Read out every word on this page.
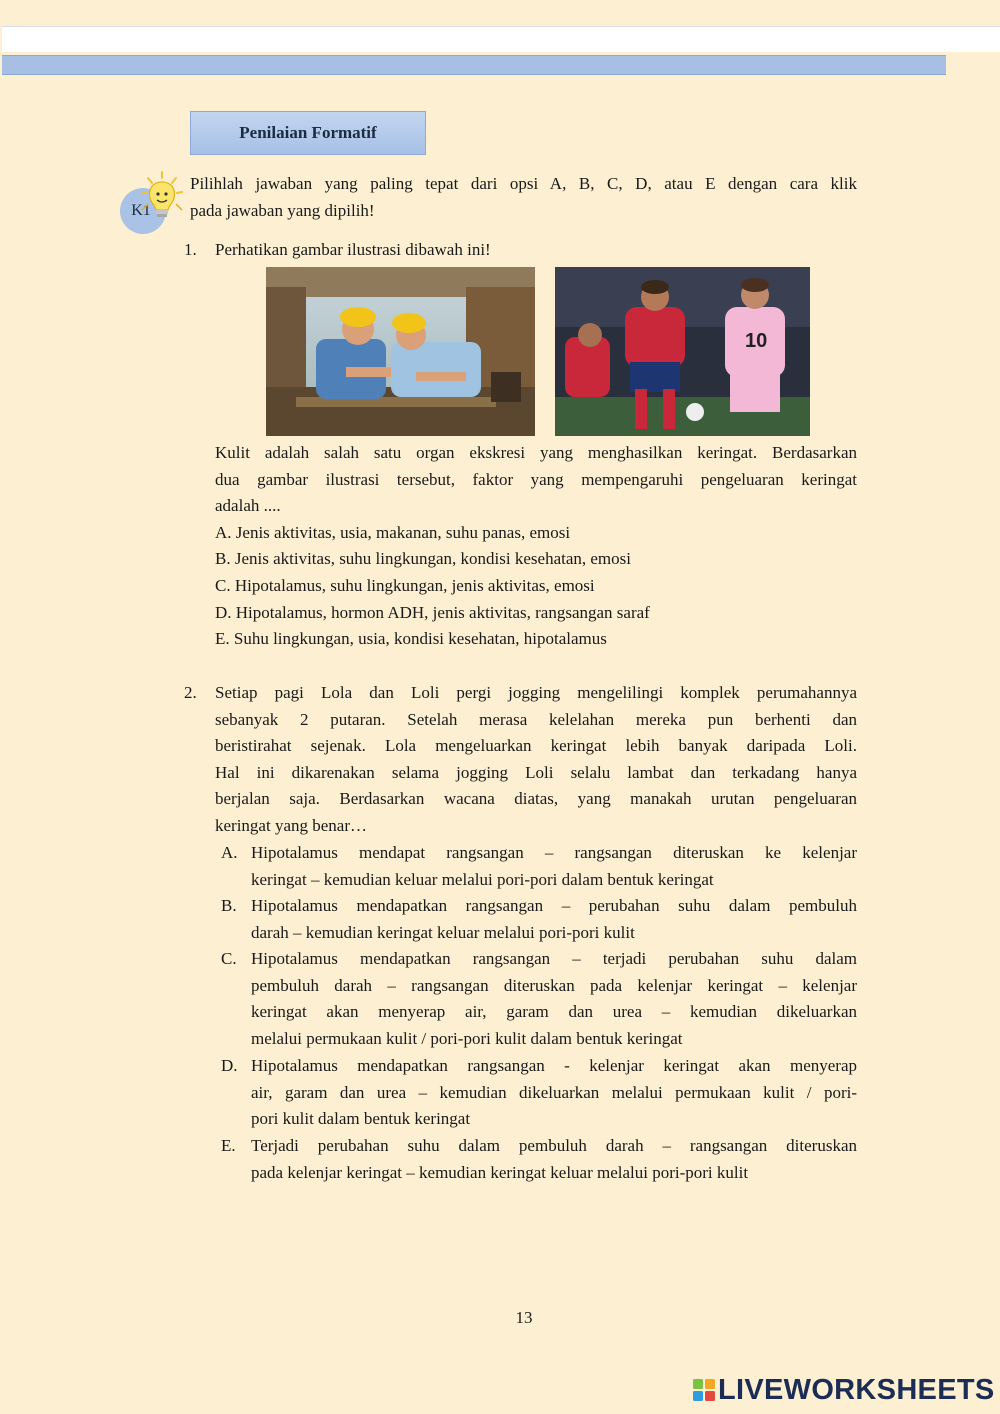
Penilaian Formatif
K1
Pilihlah jawaban yang paling tepat dari opsi A, B, C, D, atau E dengan cara klik
pada jawaban yang dipilih!
1. Perhatikan gambar ilustrasi dibawah ini!
10
Kulit adalah salah satu organ ekskresi yang menghasilkan keringat. Berdasarkan
dua gambar ilustrasi tersebut, faktor yang mempengaruhi pengeluaran keringat
adalah ....
A. Jenis aktivitas, usia, makanan, suhu panas, emosi
B. Jenis aktivitas, suhu lingkungan, kondisi kesehatan, emosi
C. Hipotalamus, suhu lingkungan, jenis aktivitas, emosi
D. Hipotalamus, hormon ADH, jenis aktivitas, rangsangan saraf
E. Suhu lingkungan, usia, kondisi kesehatan, hipotalamus
2. Setiap pagi Lola dan Loli pergi jogging mengelilingi komplek perumahannya
sebanyak 2 putaran. Setelah merasa kelelahan mereka pun berhenti dan
beristirahat sejenak. Lola mengeluarkan keringat lebih banyak daripada Loli.
Hal ini dikarenakan selama jogging Loli selalu lambat dan terkadang hanya
berjalan saja. Berdasarkan wacana diatas, yang manakah urutan pengeluaran
keringat yang benar…
A. Hipotalamus mendapat rangsangan – rangsangan diteruskan ke kelenjar
keringat – kemudian keluar melalui pori-pori dalam bentuk keringat
B. Hipotalamus mendapatkan rangsangan – perubahan suhu dalam pembuluh
darah – kemudian keringat keluar melalui pori-pori kulit
C. Hipotalamus mendapatkan rangsangan – terjadi perubahan suhu dalam
pembuluh darah – rangsangan diteruskan pada kelenjar keringat – kelenjar
keringat akan menyerap air, garam dan urea – kemudian dikeluarkan
melalui permukaan kulit / pori-pori kulit dalam bentuk keringat
D. Hipotalamus mendapatkan rangsangan - kelenjar keringat akan menyerap
air, garam dan urea – kemudian dikeluarkan melalui permukaan kulit / pori-
pori kulit dalam bentuk keringat
E. Terjadi perubahan suhu dalam pembuluh darah – rangsangan diteruskan
pada kelenjar keringat – kemudian keringat keluar melalui pori-pori kulit
13
LIVEWORKSHEETS
